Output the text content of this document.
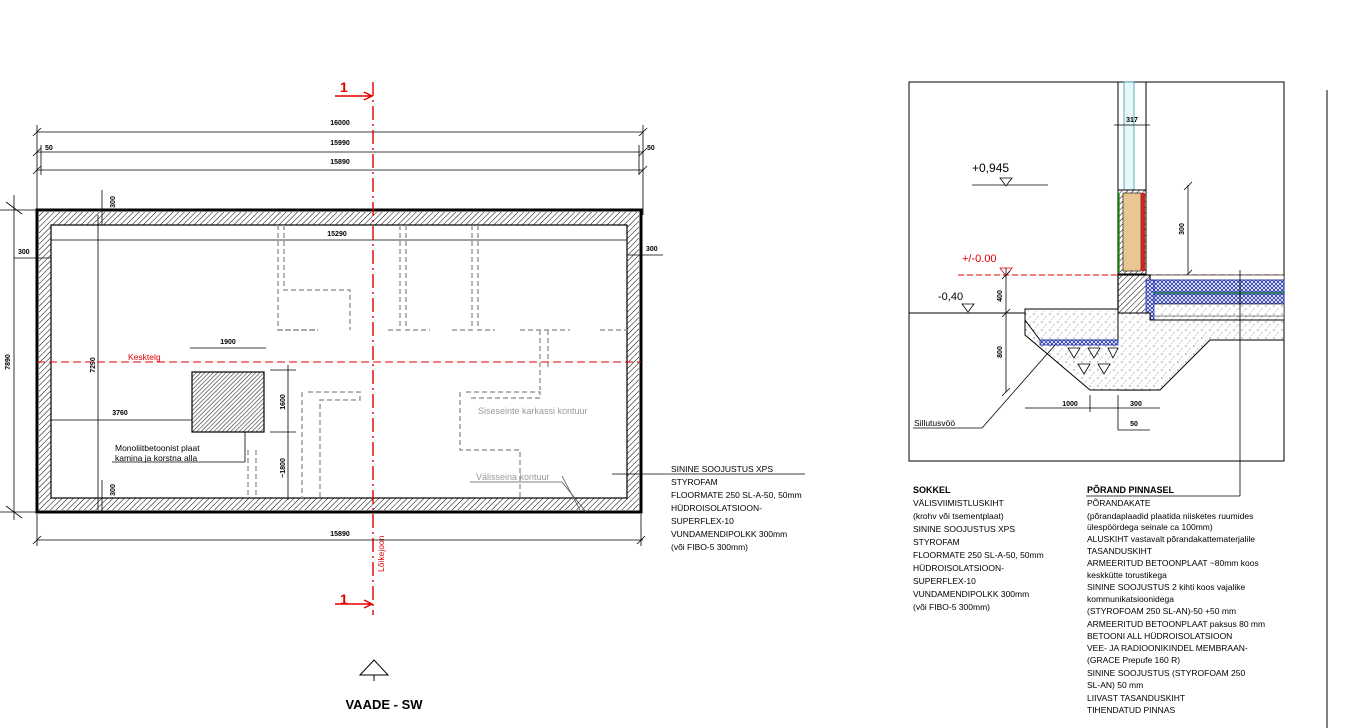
16000
15990
15890
50	50
7890	7290
300
300
300	300
15290
1900
3760
1600
~1800
Monoliitbetoonist plaat
kamina ja korstna alla
Kesktelg
1
1
Lõikejoon
Siseseinte karkassi kontuur
Välisseina kontuur
SININE SOOJUSTUS XPS
STYROFAM
FLOORMATE 250 SL-A-50, 50mm
HÜDROISOLATSIOON-
SUPERFLEX-10
VUNDAMENDIPOLKK 300mm
(või FIBO-5 300mm)
15890
VAADE - SW
317
300
+0,945
+/-0.00
-0,40	400
800
1000	300
50
Sillutusvöö
SOKKEL
VÄLISVIIMISTLUSKIHT
(krohv või tsementplaat)
SININE SOOJUSTUS XPS
STYROFAM
FLOORMATE 250 SL-A-50, 50mm
HÜDROISOLATSIOON-
SUPERFLEX-10
VUNDAMENDIPOLKK 300mm
(või FIBO-5 300mm)
PÕRAND PINNASEL
PÕRANDAKATE
(põrandaplaadid plaatida niisketes ruumides
ülespöördega seinale ca 100mm)
ALUSKIHT vastavalt põrandakattematerjalile
TASANDUSKIHT
ARMEERITUD BETOONPLAAT ~80mm koos
keskkütte torustikega
SININE SOOJUSTUS 2 kihti koos vajalike
kommunikatsioonidega
(STYROFOAM 250 SL-AN)-50 +50 mm
ARMEERITUD BETOONPLAAT paksus 80 mm
BETOONI ALL HÜDROISOLATSIOON
VEE- JA RADIOONIKINDEL MEMBRAAN-
(GRACE Prepufe 160 R)
SININE SOOJUSTUS (STYROFOAM 250
SL-AN) 50 mm
LIIVAST TASANDUSKIHT
TIHENDATUD PINNAS
